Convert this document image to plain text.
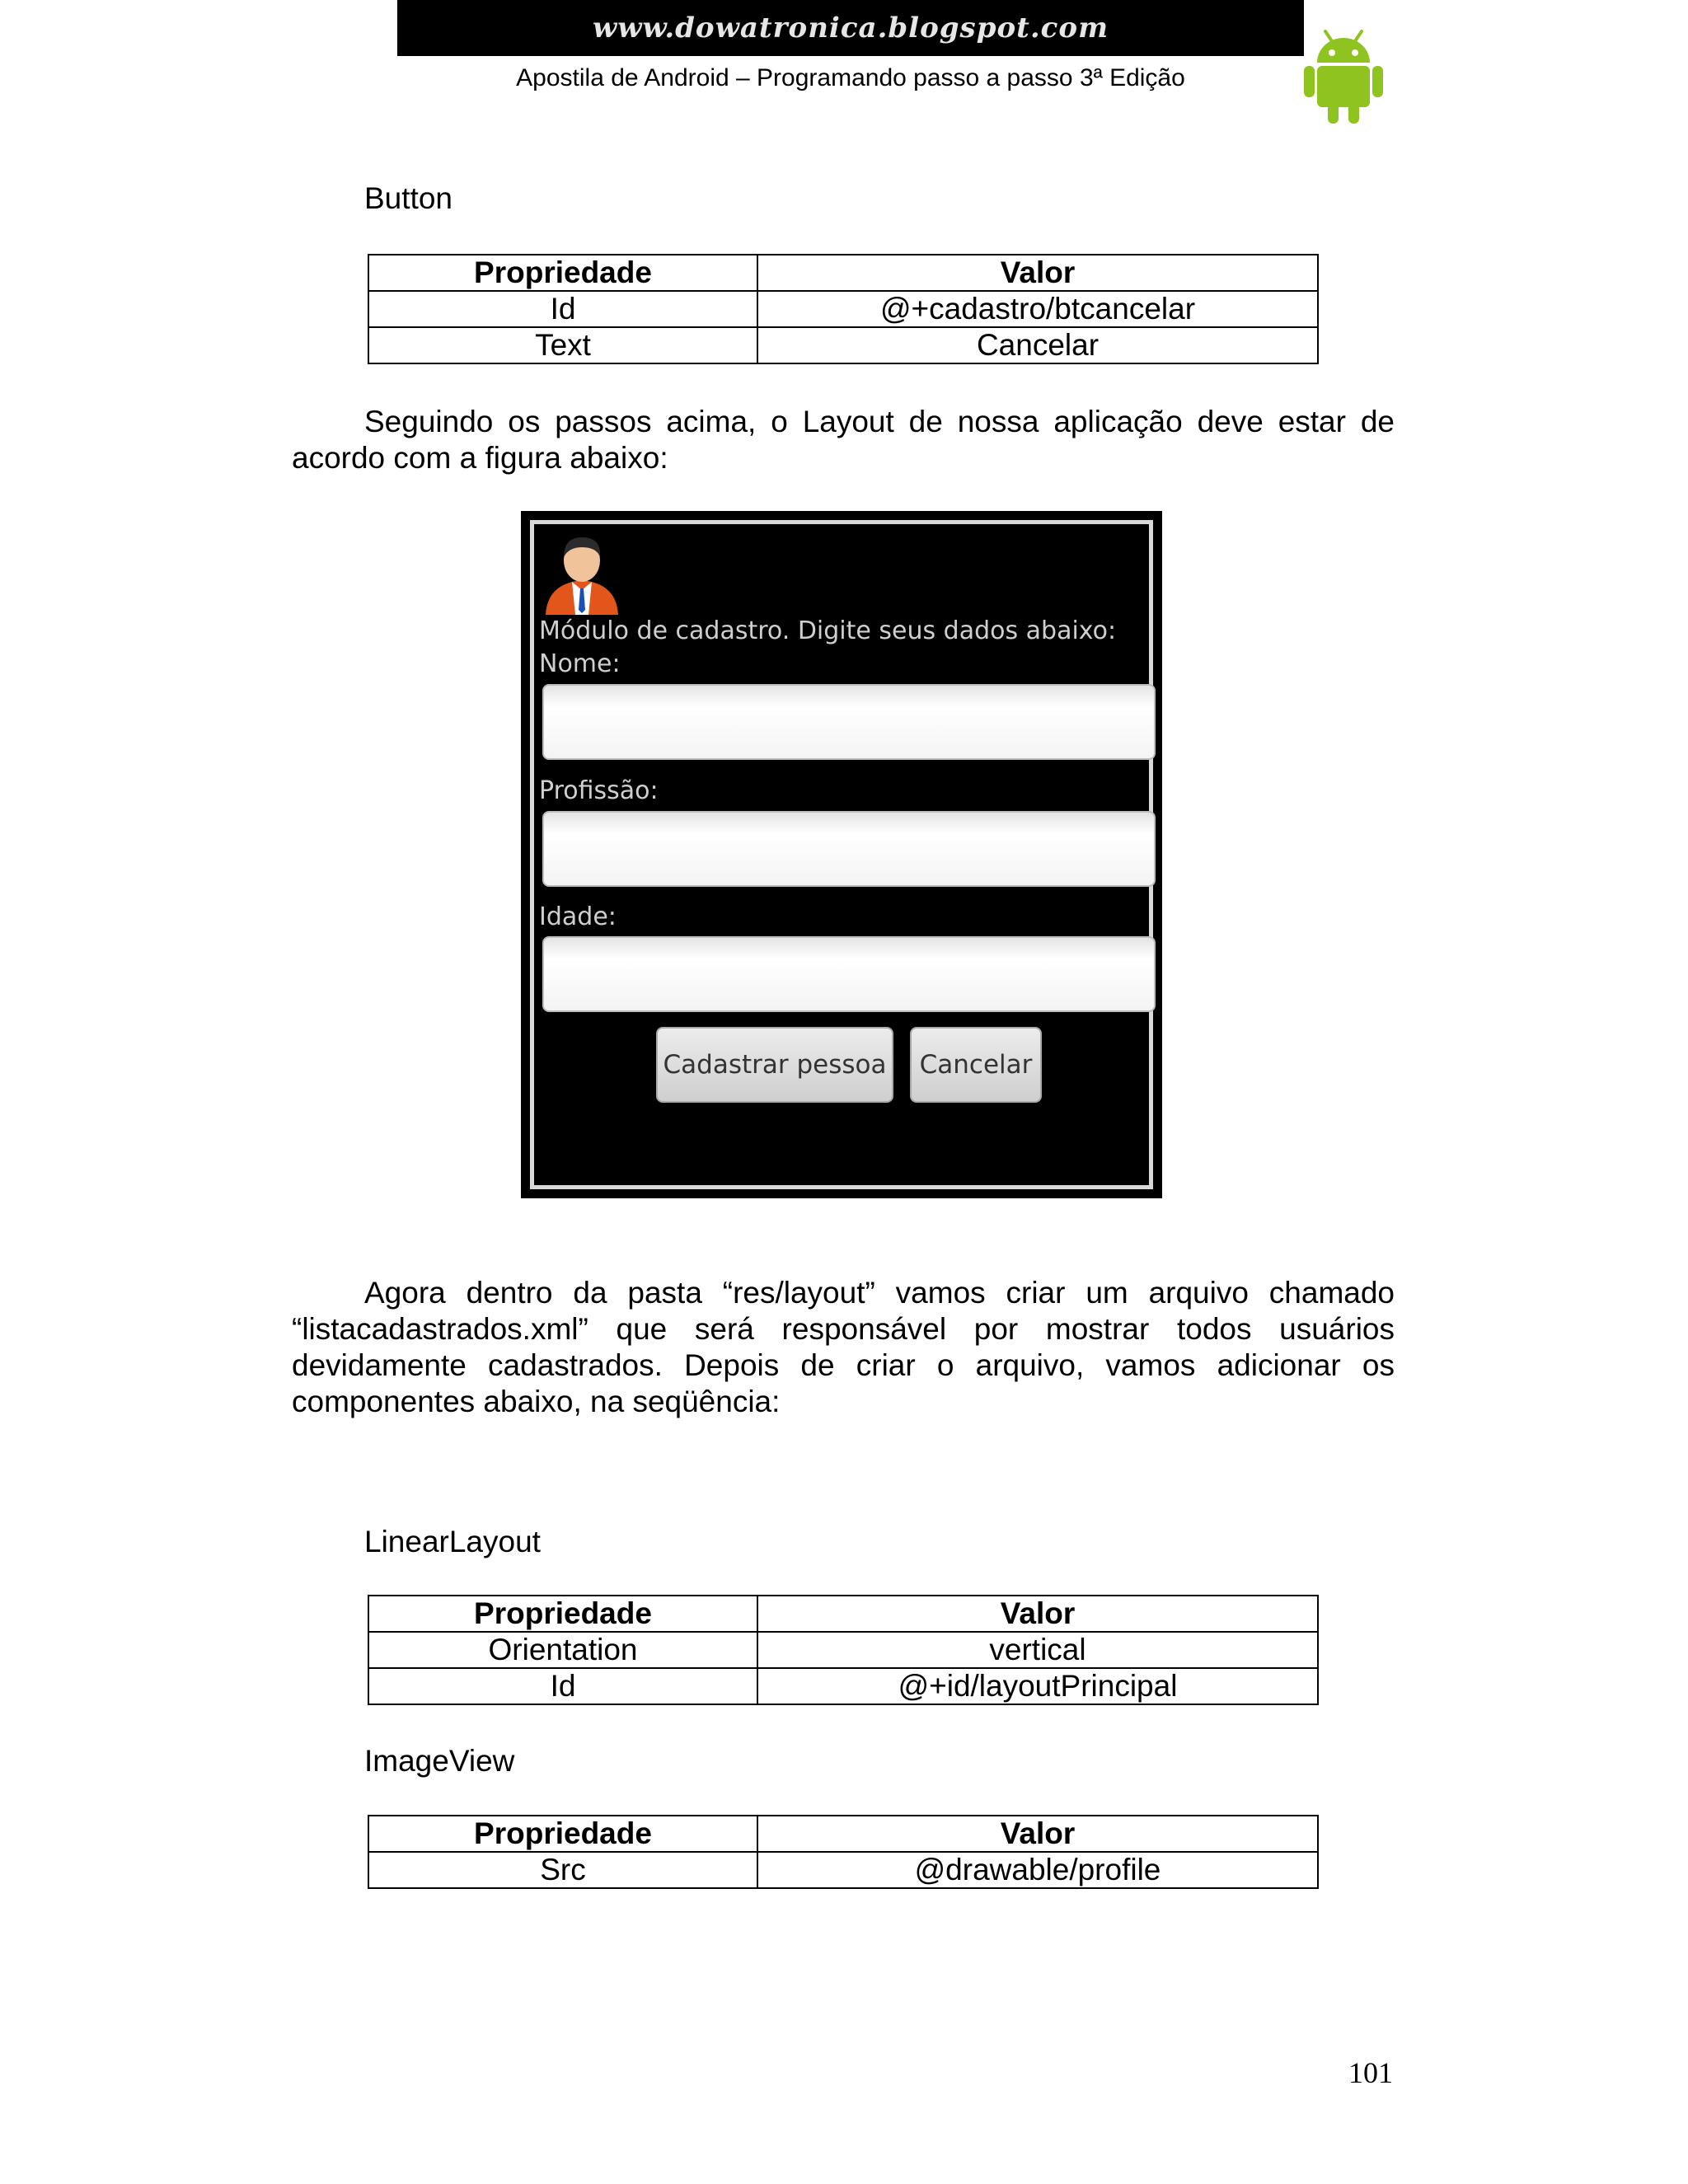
www.dowatronica.blogspot.com
Apostila de Android – Programando passo a passo 3ª Edição
Button
Propriedade	Valor
Id	@+cadastro/btcancelar
Text	Cancelar
Seguindo os passos acima, o Layout de nossa aplicação deve estar de acordo com a figura abaixo:
Módulo de cadastro. Digite seus dados abaixo:
Nome:
Profissão:
Idade:
Cadastrar pessoa	Cancelar
Agora dentro da pasta “res/layout” vamos criar um arquivo chamado “listacadastrados.xml” que será responsável por mostrar todos usuários devidamente cadastrados. Depois de criar o arquivo, vamos adicionar os componentes abaixo, na seqüência:
LinearLayout
Propriedade	Valor
Orientation	vertical
Id	@+id/layoutPrincipal
ImageView
Propriedade	Valor
Src	@drawable/profile
101
